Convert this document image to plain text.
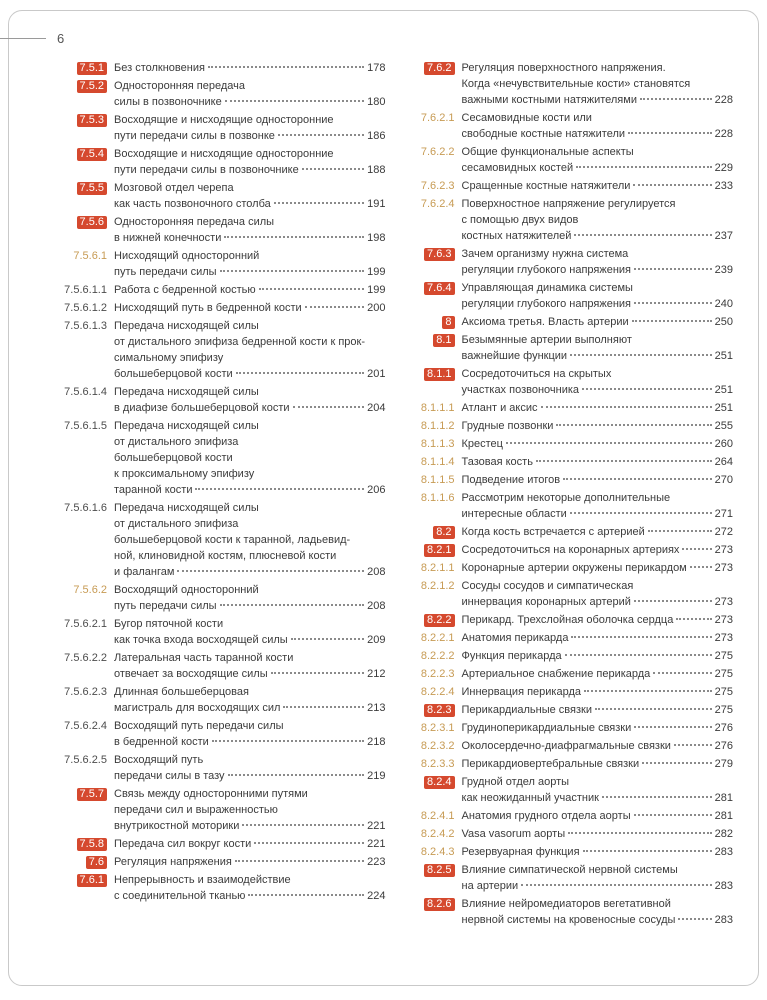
6
7.5.1 Без столкновения	178
7.5.2 Односторонняя передача
силы в позвоночнике	180
7.5.3 Восходящие и нисходящие односторонние
пути передачи силы в позвонке	186
7.5.4 Восходящие и нисходящие односторонние
пути передачи силы в позвоночнике	188
7.5.5 Мозговой отдел черепа
как часть позвоночного столба	191
7.5.6 Односторонняя передача силы
в нижней конечности	198
7.5.6.1 Нисходящий односторонний
путь передачи силы	199
7.5.6.1.1 Работа с бедренной костью	199
7.5.6.1.2 Нисходящий путь в бедренной кости	200
7.5.6.1.3 Передача нисходящей силы
от дистального эпифиза бедренной кости к прок-
симальному эпифизу
большеберцовой кости	201
7.5.6.1.4 Передача нисходящей силы
в диафизе большеберцовой кости	204
7.5.6.1.5 Передача нисходящей силы
от дистального эпифиза
большеберцовой кости
к проксимальному эпифизу
таранной кости	206
7.5.6.1.6 Передача нисходящей силы
от дистального эпифиза
большеберцовой кости к таранной, ладьевид-
ной, клиновидной костям, плюсневой кости
и фалангам	208
7.5.6.2 Восходящий односторонний
путь передачи силы	208
7.5.6.2.1 Бугор пяточной кости
как точка входа восходящей силы	209
7.5.6.2.2 Латеральная часть таранной кости
отвечает за восходящие силы	212
7.5.6.2.3 Длинная большеберцовая
магистраль для восходящих сил	213
7.5.6.2.4 Восходящий путь передачи силы
в бедренной кости	218
7.5.6.2.5 Восходящий путь
передачи силы в тазу	219
7.5.7 Связь между односторонними путями
передачи сил и выраженностью
внутрикостной моторики	221
7.5.8 Передача сил вокруг кости	221
7.6 Регуляция напряжения	223
7.6.1 Непрерывность и взаимодействие
с соединительной тканью	224
7.6.2 Регуляция поверхностного напряжения.
Когда «нечувствительные кости» становятся
важными костными натяжителями	228
7.6.2.1 Сесамовидные кости или
свободные костные натяжители	228
7.6.2.2 Общие функциональные аспекты
сесамовидных костей	229
7.6.2.3 Сращенные костные натяжители	233
7.6.2.4 Поверхностное напряжение регулируется
с помощью двух видов
костных натяжителей	237
7.6.3 Зачем организму нужна система
регуляции глубокого напряжения	239
7.6.4 Управляющая динамика системы
регуляции глубокого напряжения	240
8 Аксиома третья. Власть артерии	250
8.1 Безымянные артерии выполняют
важнейшие функции	251
8.1.1 Сосредоточиться на скрытых
участках позвоночника	251
8.1.1.1 Атлант и аксис	251
8.1.1.2 Грудные позвонки	255
8.1.1.3 Крестец	260
8.1.1.4 Тазовая кость	264
8.1.1.5 Подведение итогов	270
8.1.1.6 Рассмотрим некоторые дополнительные
интересные области	271
8.2 Когда кость встречается с артерией	272
8.2.1 Сосредоточиться на коронарных артериях	273
8.2.1.1 Коронарные артерии окружены перикардом	273
8.2.1.2 Сосуды сосудов и симпатическая
иннервация коронарных артерий	273
8.2.2 Перикард. Трехслойная оболочка сердца	273
8.2.2.1 Анатомия перикарда	273
8.2.2.2 Функция перикарда	275
8.2.2.3 Артериальное снабжение перикарда	275
8.2.2.4 Иннервация перикарда	275
8.2.3 Перикардиальные связки	275
8.2.3.1 Грудиноперикардиальные связки	276
8.2.3.2 Околосердечно-диафрагмальные связки	276
8.2.3.3 Перикардиовертебральные связки	279
8.2.4 Грудной отдел аорты
как неожиданный участник	281
8.2.4.1 Анатомия грудного отдела аорты	281
8.2.4.2 Vasa vasorum аорты	282
8.2.4.3 Резервуарная функция	283
8.2.5 Влияние симпатической нервной системы
на артерии	283
8.2.6 Влияние нейромедиаторов вегетативной
нервной системы на кровеносные сосуды	283
